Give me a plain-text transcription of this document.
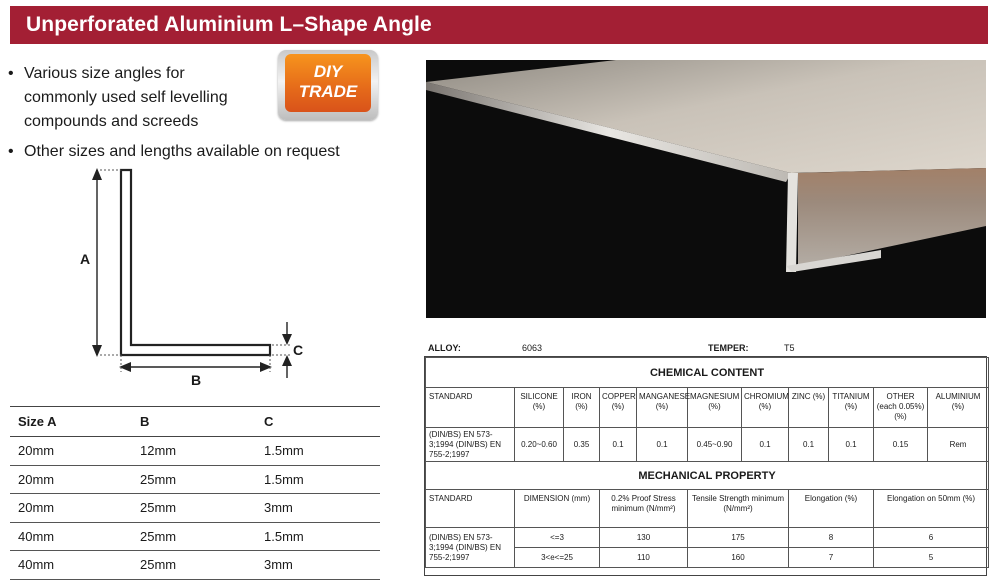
Unperforated Aluminium L–Shape Angle
• Various size angles for commonly used self levelling compounds and screeds
• Other sizes and lengths available on request
DIY
TRADE
A
B
C
Size A	B	C
20mm	12mm	1.5mm
20mm	25mm	1.5mm
20mm	25mm	3mm
40mm	25mm	1.5mm
40mm	25mm	3mm
ALLOY:	6063	TEMPER:	T5
CHEMICAL CONTENT										
STANDARD	SILICONE (%)	IRON (%)	COPPER (%)	MANGANESE (%)	MAGNESIUM (%)	CHROMIUM (%)	ZINC (%)	TITANIUM (%)	OTHER (each 0.05%) (%)	ALUMINIUM (%)
(DIN/BS) EN 573-3;1994 (DIN/BS) EN 755-2;1997	0.20~0.60	0.35	0.1	0.1	0.45~0.90	0.1	0.1	0.1	0.15	Rem
MECHANICAL PROPERTY										
STANDARD	DIMENSION (mm)		0.2% Proof Stress minimum (N/mm²)		Tensile Strength minimum (N/mm²)		Elongation (%)		Elongation on 50mm (%)	
(DIN/BS) EN 573-3;1994 (DIN/BS) EN 755-2;1997	<=3		130		175		8		6	
	3<e<=25		110		160		7		5	
